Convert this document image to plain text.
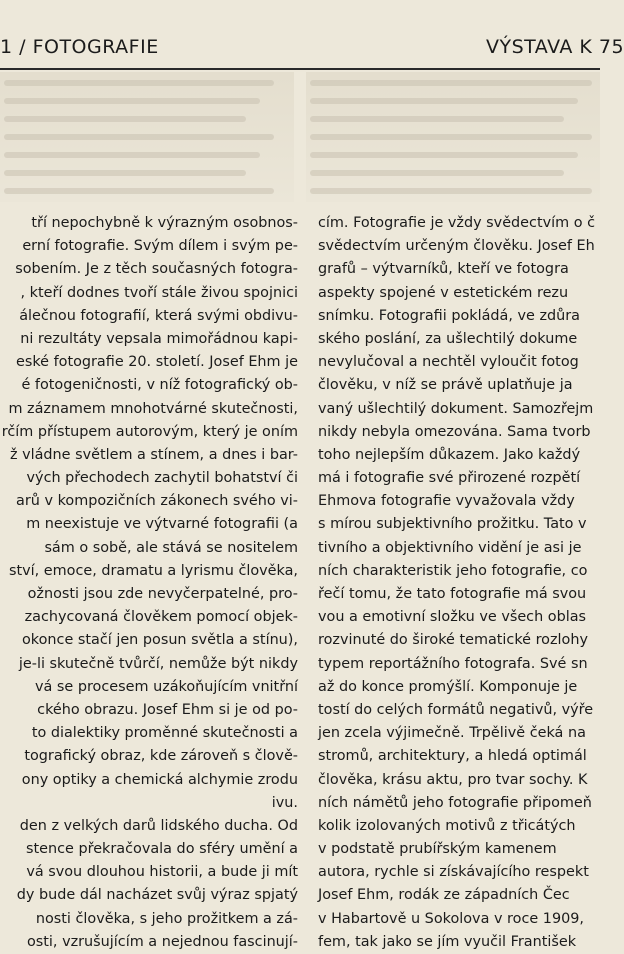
1 / FOTOGRAFIE	VÝSTAVA K 75
tří nepochybně k výrazným osobnos-
erní fotografie. Svým dílem i svým pe-
sobením. Je z těch současných fotogra-
, kteří dodnes tvoří stále živou spojnici
álečnou fotografií, která svými obdivu-
ni rezultáty vepsala mimořádnou kapi-
eské fotografie 20. století. Josef Ehm je
é fotogeničnosti, v níž fotografický ob-
m záznamem mnohotvárné skutečnosti,
rčím přístupem autorovým, který je oním
ž vládne světlem a stínem, a dnes i bar-
vých přechodech zachytil bohatství či
arů v kompozičních zákonech svého vi-
m neexistuje ve výtvarné fotografii (a
sám o sobě, ale stává se nositelem
ství, emoce, dramatu a lyrismu člověka,
ožnosti jsou zde nevyčerpatelné, pro-
zachycovaná člověkem pomocí objek-
okonce stačí jen posun světla a stínu),
je-li skutečně tvůrčí, nemůže být nikdy
vá se procesem uzákoňujícím vnitřní
ckého obrazu. Josef Ehm si je od po-
to dialektiky proměnné skutečnosti a
tografický obraz, kde zároveň s člově-
ony optiky a chemická alchymie zrodu
ivu.
den z velkých darů lidského ducha. Od
stence překračovala do sféry umění a
vá svou dlouhou historii, a bude ji mít
dy bude dál nacházet svůj výraz spjatý
nosti člověka, s jeho prožitkem a zá-
osti, vzrušujícím a nejednou fascinují-
cím. Fotografie je vždy svědectvím o č
svědectvím určeným člověku. Josef Eh
grafů – výtvarníků, kteří ve fotogra
aspekty spojené v estetickém rezu
snímku. Fotografii pokládá, ve zdůra
ského poslání, za ušlechtilý dokume
nevylučoval a nechtěl vyloučit fotog
člověku, v níž se právě uplatňuje ja
vaný ušlechtilý dokument. Samozřejm
nikdy nebyla omezována. Sama tvorb
toho nejlepším důkazem. Jako každý
má i fotografie své přirozené rozpětí
Ehmova fotografie vyvažovala vždy
s mírou subjektivního prožitku. Tato v
tivního a objektivního vidění je asi je
ních charakteristik jeho fotografie, co
řečí tomu, že tato fotografie má svou
vou a emotivní složku ve všech oblas
rozvinuté do široké tematické rozlohy
typem reportážního fotografa. Své sn
až do konce promýšlí. Komponuje je
tostí do celých formátů negativů, výře
jen zcela výjimečně. Trpělivě čeká na
stromů, architektury, a hledá optimál
člověka, krásu aktu, pro tvar sochy. K
ních námětů jeho fotografie připomeň
kolik izolovaných motivů z třicátých
v podstatě prubířským kamenem
autora, rychle si získávajícího respekt
Josef Ehm, rodák ze západních Čec
v Habartově u Sokolova v roce 1909,
fem, tak jako se jím vyučil František
